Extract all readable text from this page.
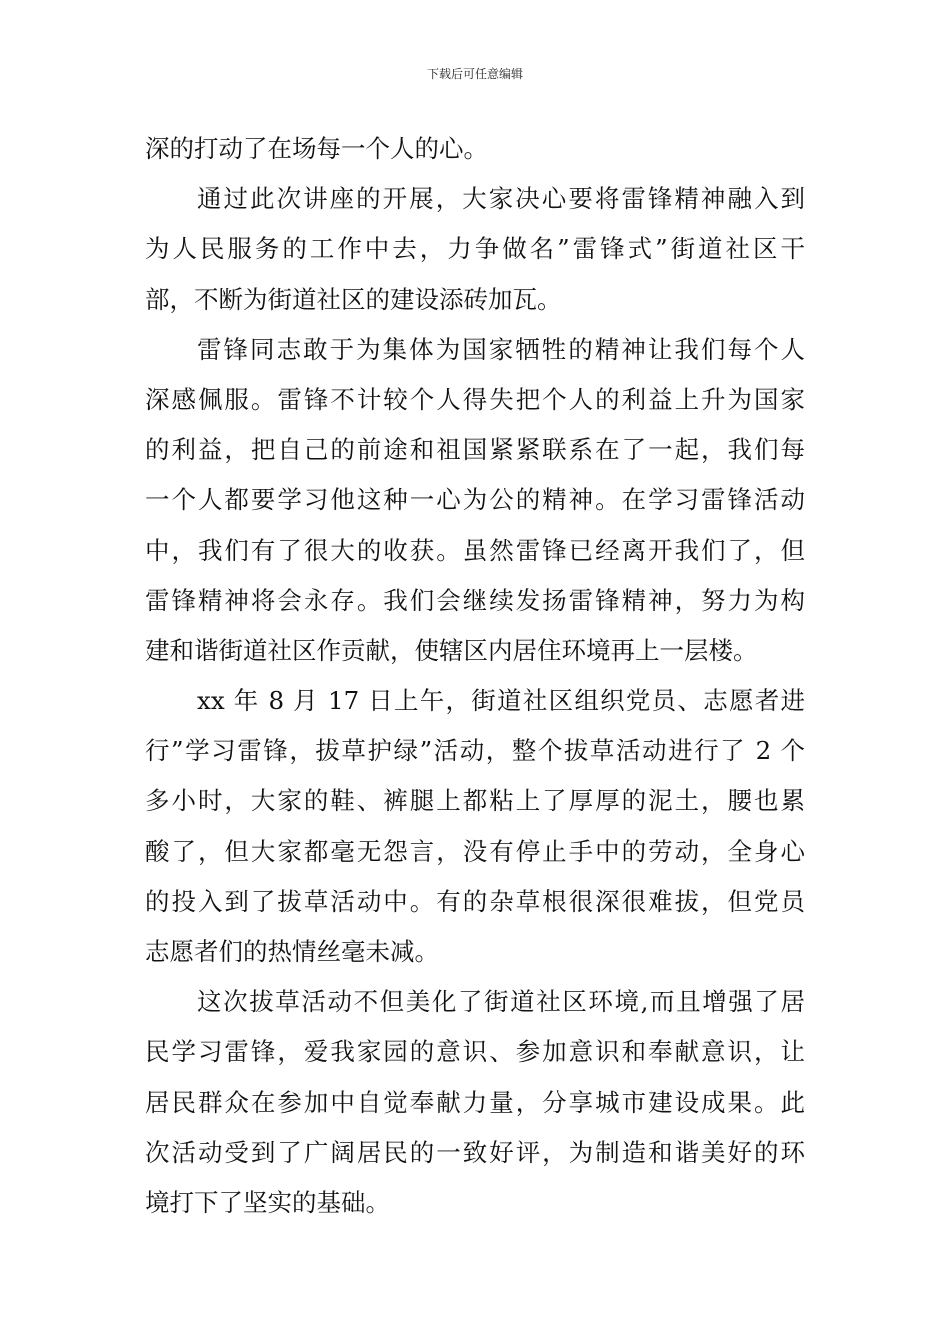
下载后可任意编辑
深的打动了在场每一个人的心。
通过此次讲座的开展，大家决心要将雷锋精神融入到
为人民服务的工作中去，力争做名”雷锋式”街道社区干
部，不断为街道社区的建设添砖加瓦。
雷锋同志敢于为集体为国家牺牲的精神让我们每个人
深感佩服。雷锋不计较个人得失把个人的利益上升为国家
的利益，把自己的前途和祖国紧紧联系在了一起，我们每
一个人都要学习他这种一心为公的精神。在学习雷锋活动
中，我们有了很大的收获。虽然雷锋已经离开我们了，但
雷锋精神将会永存。我们会继续发扬雷锋精神，努力为构
建和谐街道社区作贡献，使辖区内居住环境再上一层楼。
xx 年 8 月 17 日上午，街道社区组织党员、志愿者进
行”学习雷锋，拔草护绿”活动，整个拔草活动进行了 2 个
多小时，大家的鞋、裤腿上都粘上了厚厚的泥土，腰也累
酸了，但大家都毫无怨言，没有停止手中的劳动，全身心
的投入到了拔草活动中。有的杂草根很深很难拔，但党员
志愿者们的热情丝毫未减。
这次拔草活动不但美化了街道社区环境,而且增强了居
民学习雷锋，爱我家园的意识、参加意识和奉献意识，让
居民群众在参加中自觉奉献力量，分享城市建设成果。此
次活动受到了广阔居民的一致好评，为制造和谐美好的环
境打下了坚实的基础。
